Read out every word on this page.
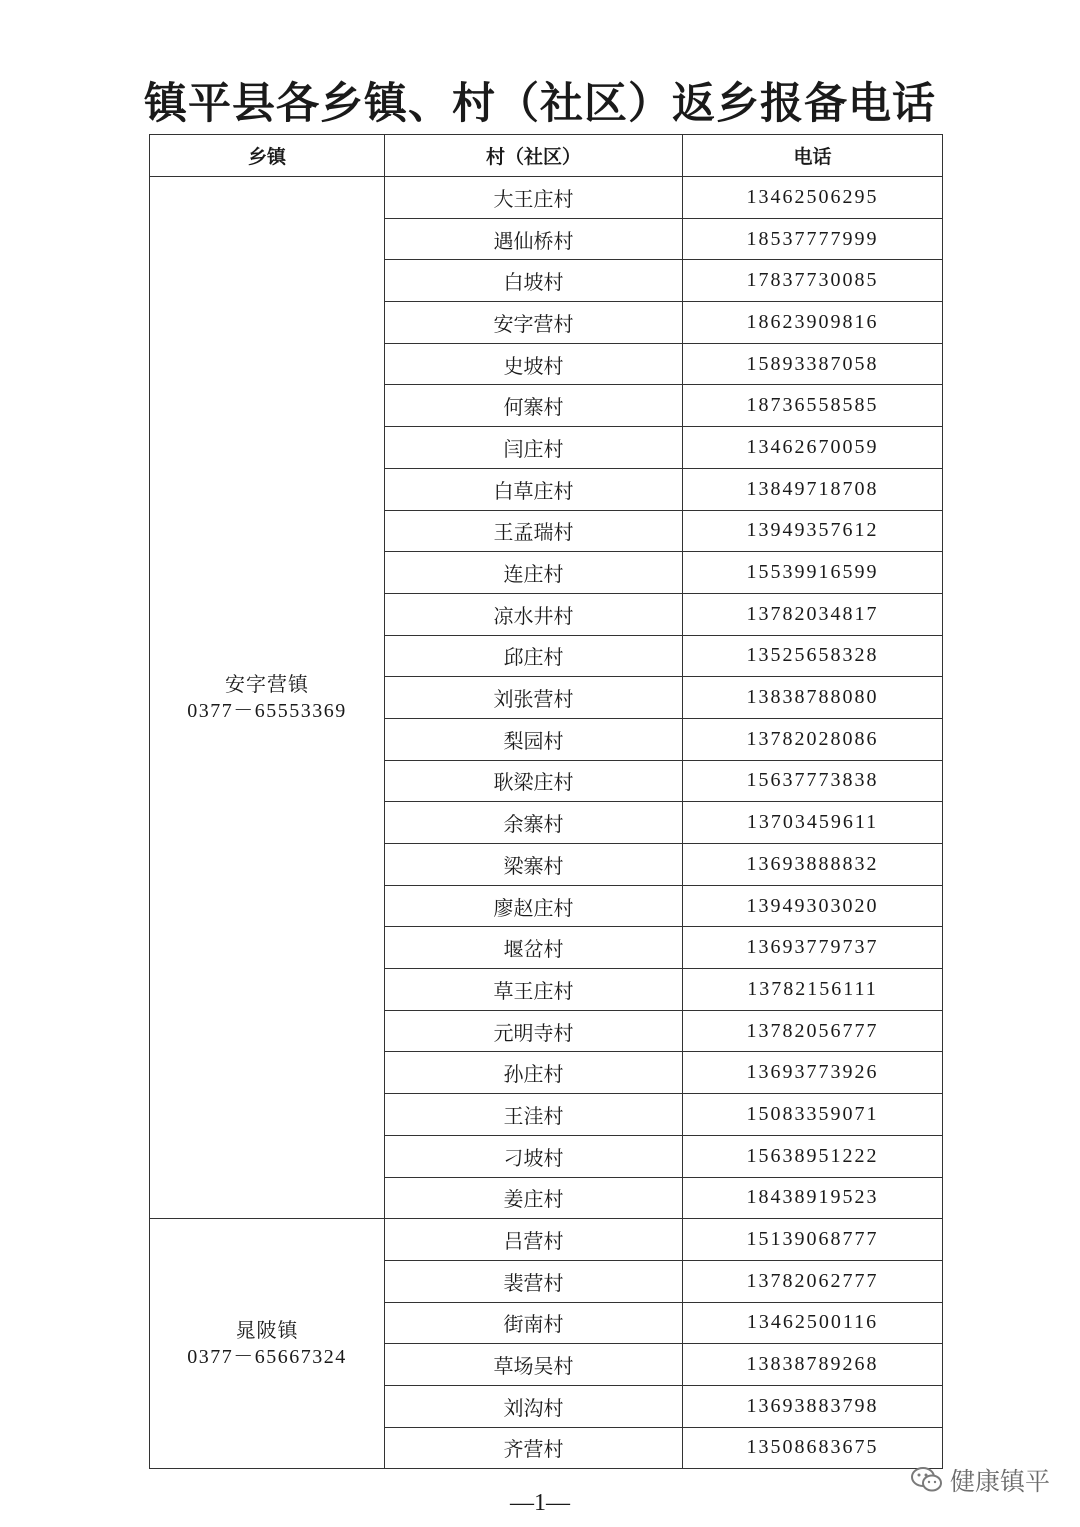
镇平县各乡镇、村（社区）返乡报备电话
乡镇	村（社区）	电话

安字营镇
0377－65553369	大王庄村	13462506295
	遇仙桥村	18537777999
	白坡村	17837730085
	安字营村	18623909816
	史坡村	15893387058
	何寨村	18736558585
	闫庄村	13462670059
	白草庄村	13849718708
	王孟瑞村	13949357612
	连庄村	15539916599
	凉水井村	13782034817
	邱庄村	13525658328
	刘张营村	13838788080
	梨园村	13782028086
	耿梁庄村	15637773838
	余寨村	13703459611
	梁寨村	13693888832
	廖赵庄村	13949303020
	堰岔村	13693779737
	草王庄村	13782156111
	元明寺村	13782056777
	孙庄村	13693773926
	王洼村	15083359071
	刁坡村	15638951222
	姜庄村	18438919523

晁陂镇
0377－65667324	吕营村	15139068777
	裴营村	13782062777
	街南村	13462500116
	草场吴村	13838789268
	刘沟村	13693883798
	齐营村	13508683675
—1—
健康镇平
